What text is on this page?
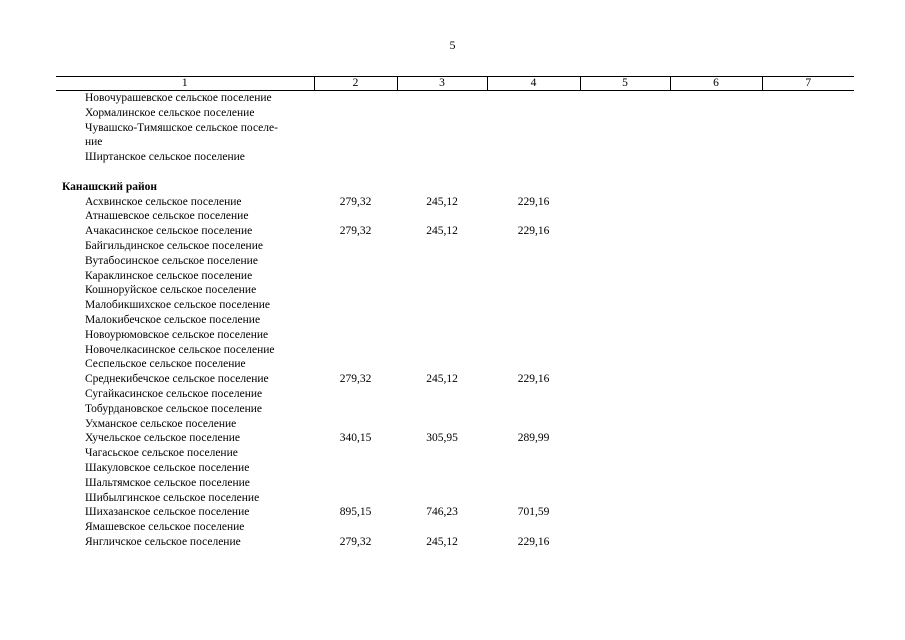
5
1	2	3	4	5	6	7
Новочурашевское сельское поселение						
Хормалинское сельское поселение						
Чувашско-Тимяшское сельское поселе-						
ние						
Ширтанское сельское поселение						

Канашский район						
Асхвинское сельское поселение	279,32	245,12	229,16			
Атнашевское сельское поселение						
Ачакасинское сельское поселение	279,32	245,12	229,16			
Байгильдинское сельское поселение						
Вутабосинское сельское поселение						
Караклинское сельское поселение						
Кошноруйское сельское поселение						
Малобикшихское сельское поселение						
Малокибечское сельское поселение						
Новоурюмовское сельское поселение						
Новочелкасинское сельское поселение						
Сеспельское сельское поселение						
Среднекибечское сельское поселение	279,32	245,12	229,16			
Сугайкасинское сельское поселение						
Тобурдановское сельское поселение						
Ухманское сельское поселение						
Хучельское сельское поселение	340,15	305,95	289,99			
Чагасьское сельское поселение						
Шакуловское сельское поселение						
Шальтямское сельское поселение						
Шибылгинское сельское поселение						
Шихазанское сельское поселение	895,15	746,23	701,59			
Ямашевское сельское поселение						
Янгличское сельское поселение	279,32	245,12	229,16			
